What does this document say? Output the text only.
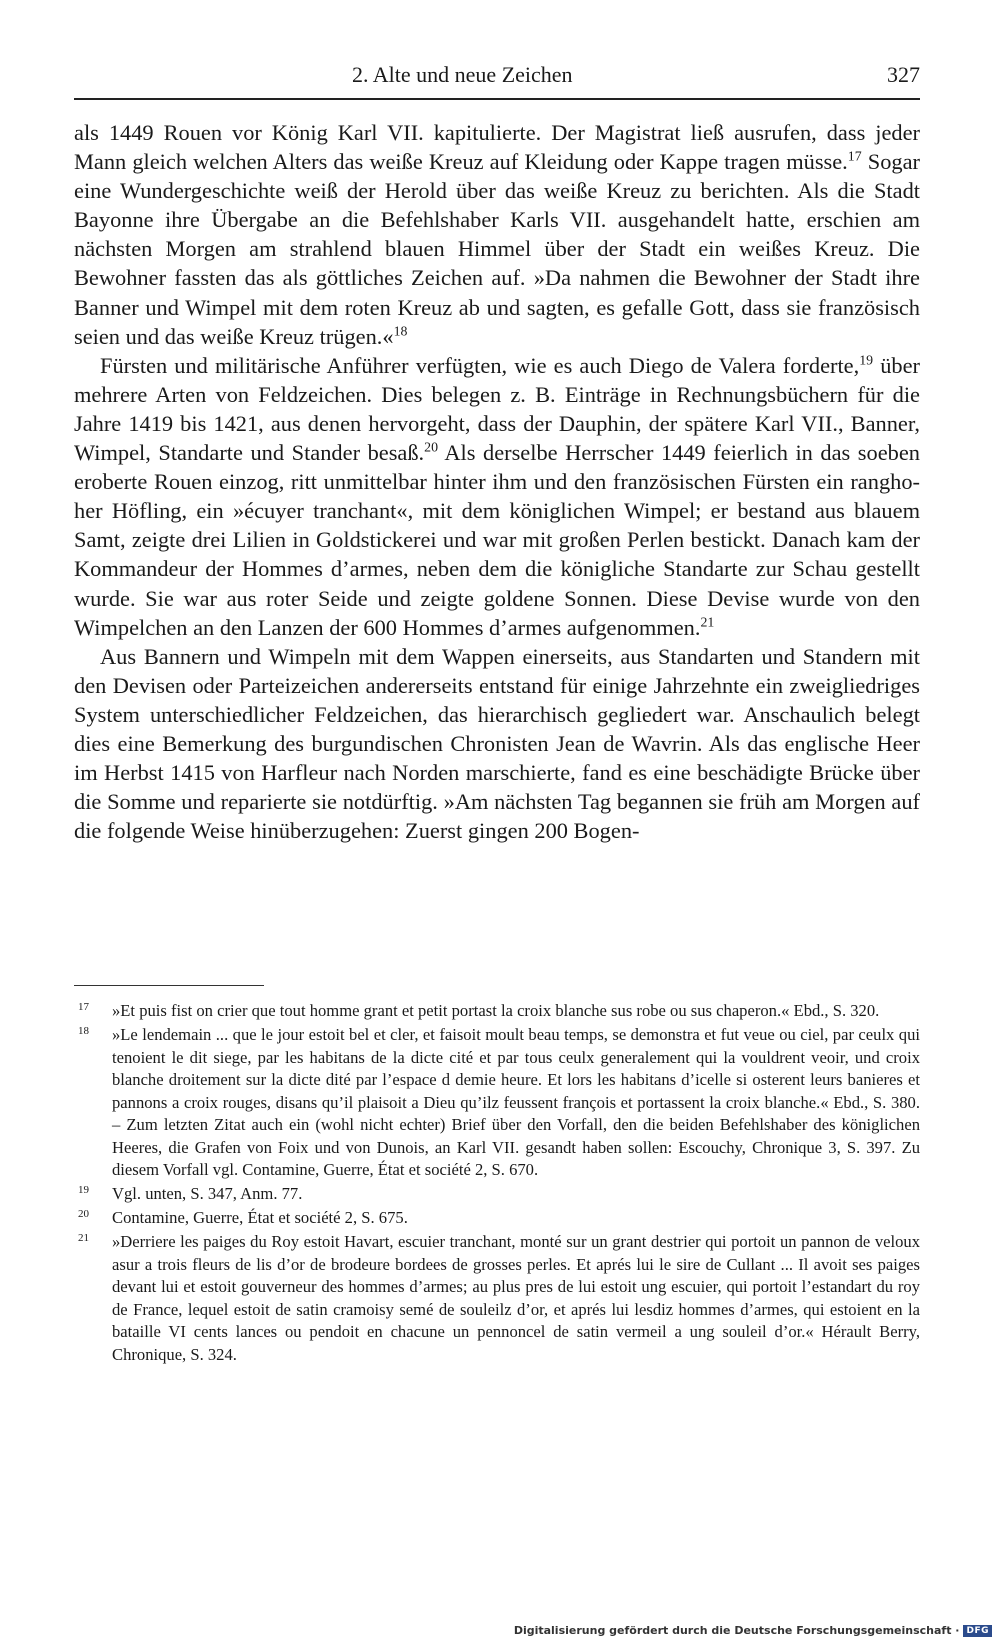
2. Alte und neue Zeichen	327

als 1449 Rouen vor König Karl VII. kapitulierte. Der Magistrat ließ ausrufen, dass jeder Mann gleich welchen Alters das weiße Kreuz auf Kleidung oder Kappe tragen müsse.$^{17}$ Sogar eine Wundergeschichte weiß der Herold über das weiße Kreuz zu berichten. Als die Stadt Bayonne ihre Übergabe an die Befehlshaber Karls VII. ausgehandelt hatte, erschien am nächsten Morgen am strahlend blauen Himmel über der Stadt ein weißes Kreuz. Die Bewohner fassten das als göttliches Zeichen auf. »Da nahmen die Bewohner der Stadt ihre Banner und Wimpel mit dem roten Kreuz ab und sagten, es gefalle Gott, dass sie französisch seien und das weiße Kreuz trügen.«$^{18}$

Fürsten und militärische Anführer verfügten, wie es auch Diego de Valera forderte,$^{19}$ über mehrere Arten von Feldzeichen. Dies belegen z. B. Einträge in Rechnungsbüchern für die Jahre 1419 bis 1421, aus denen hervorgeht, dass der Dauphin, der spätere Karl VII., Banner, Wimpel, Standarte und Stander besaß.$^{20}$ Als derselbe Herrscher 1449 feierlich in das soeben eroberte Rouen einzog, ritt unmittelbar hinter ihm und den französischen Fürsten ein ranghoher Höfling, ein »écuyer tranchant«, mit dem königlichen Wimpel; er bestand aus blauem Samt, zeigte drei Lilien in Goldstickerei und war mit großen Perlen bestickt. Danach kam der Kommandeur der Hommes d’armes, neben dem die königliche Standarte zur Schau gestellt wurde. Sie war aus roter Seide und zeigte goldene Sonnen. Diese Devise wurde von den Wimpelchen an den Lanzen der 600 Hommes d’armes aufgenommen.$^{21}$

Aus Bannern und Wimpeln mit dem Wappen einerseits, aus Standarten und Standern mit den Devisen oder Parteizeichen andererseits entstand für einige Jahrzehnte ein zweigliedriges System unterschiedlicher Feldzeichen, das hierarchisch gegliedert war. Anschaulich belegt dies eine Bemerkung des burgundischen Chronisten Jean de Wavrin. Als das englische Heer im Herbst 1415 von Harfleur nach Norden marschierte, fand es eine beschädigte Brücke über die Somme und reparierte sie notdürftig. »Am nächsten Tag begannen sie früh am Morgen auf die folgende Weise hinüberzugehen: Zuerst gingen 200 Bogen-

17 »Et puis fist on crier que tout homme grant et petit portast la croix blanche sus robe ou sus chaperon.« Ebd., S. 320.
18 »Le lendemain ... que le jour estoit bel et cler, et faisoit moult beau temps, se demonstra et fut veue ou ciel, par ceulx qui tenoient le dit siege, par les habitans de la dicte cité et par tous ceulx generalement qui la vouldrent veoir, und croix blanche droitement sur la dicte dité par l’espace d demie heure. Et lors les habitans d’icelle si osterent leurs banieres et pannons a croix rouges, disans qu’il plaisoit a Dieu qu’ilz feussent françois et portassent la croix blanche.« Ebd., S. 380. – Zum letzten Zitat auch ein (wohl nicht echter) Brief über den Vorfall, den die beiden Befehlshaber des königlichen Heeres, die Grafen von Foix und von Dunois, an Karl VII. gesandt haben sollen: Escouchy, Chronique 3, S. 397. Zu diesem Vorfall vgl. Contamine, Guerre, État et société 2, S. 670.
19 Vgl. unten, S. 347, Anm. 77.
20 Contamine, Guerre, État et société 2, S. 675.
21 »Derriere les paiges du Roy estoit Havart, escuier tranchant, monté sur un grant destrier qui portoit un pannon de veloux asur a trois fleurs de lis d’or de brodeure bordees de grosses perles. Et aprés lui le sire de Cullant ... Il avoit ses paiges devant lui et estoit gouverneur des hommes d’armes; au plus pres de lui estoit ung escuier, qui portoit l’estandart du roy de France, lequel estoit de satin cramoisy semé de souleilz d’or, et aprés lui lesdiz hommes d’armes, qui estoient en la bataille VI cents lances ou pendoit en chacune un pennoncel de satin vermeil a ung souleil d’or.« Hérault Berry, Chronique, S. 324.
Digitalisierung gefördert durch die Deutsche Forschungsgemeinschaft · DFG
